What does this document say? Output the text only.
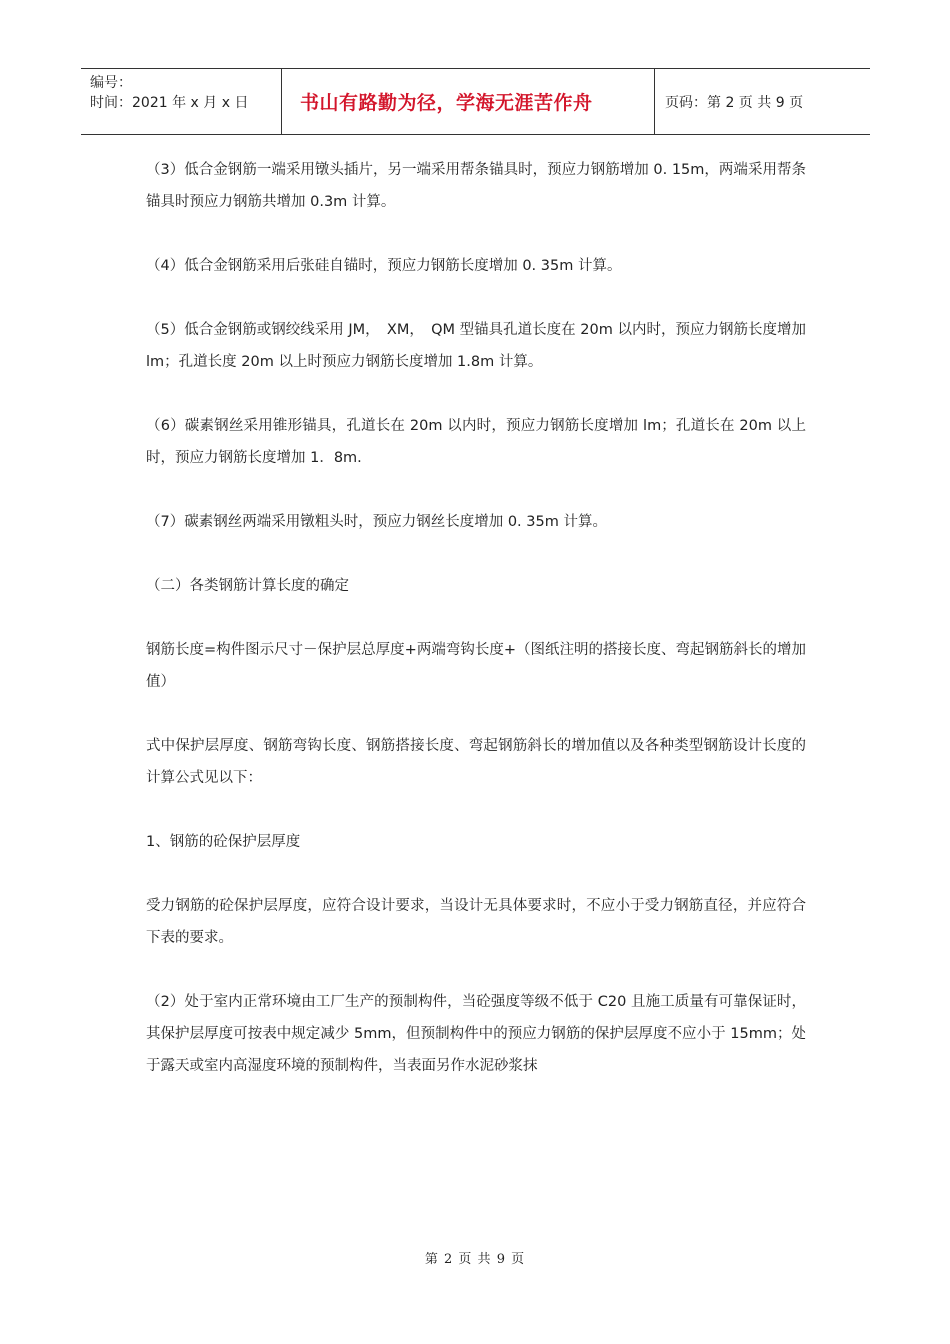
编号：
时间：2021 年 x 月 x 日	书山有路勤为径，学海无涯苦作舟	页码：第 2 页 共 9 页

（3）低合金钢筋一端采用镦头插片，另一端采用帮条锚具时，预应力钢筋增加 0. 15m，两端采用帮条锚具时预应力钢筋共增加 0.3m 计算。

（4）低合金钢筋采用后张硅自锚时，预应力钢筋长度增加 0. 35m 计算。

（5）低合金钢筋或钢绞线采用 JM，　XM，　QM 型锚具孔道长度在 20m 以内时，预应力钢筋长度增加 lm；孔道长度 20m 以上时预应力钢筋长度增加 1.8m 计算。

（6）碳素钢丝采用锥形锚具，孔道长在 20m 以内时，预应力钢筋长度增加 lm；孔道长在 20m 以上时，预应力钢筋长度增加 1．8m.

（7）碳素钢丝两端采用镦粗头时，预应力钢丝长度增加 0. 35m 计算。

（二）各类钢筋计算长度的确定

钢筋长度=构件图示尺寸－保护层总厚度+两端弯钩长度+（图纸注明的搭接长度、弯起钢筋斜长的增加值）

式中保护层厚度、钢筋弯钩长度、钢筋搭接长度、弯起钢筋斜长的增加值以及各种类型钢筋设计长度的计算公式见以下：

1、钢筋的砼保护层厚度

受力钢筋的砼保护层厚度，应符合设计要求，当设计无具体要求时，不应小于受力钢筋直径，并应符合下表的要求。

（2）处于室内正常环境由工厂生产的预制构件，当砼强度等级不低于 C20 且施工质量有可靠保证时，其保护层厚度可按表中规定减少 5mm，但预制构件中的预应力钢筋的保护层厚度不应小于 15mm；处于露天或室内高湿度环境的预制构件，当表面另作水泥砂浆抹

第 2 页 共 9 页
